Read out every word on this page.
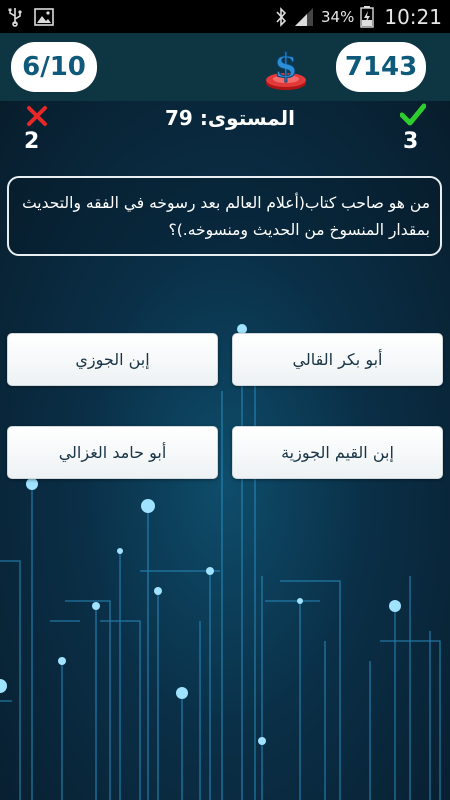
34% 10:21
6/10	$	7143
2
المستوى: 79
3
من هو صاحب كتاب(أعلام العالم بعد رسوخه في الفقه والتحديث بمقدار المنسوخ من الحديث ومنسوخه.)؟
أبو بكر القالي
إبن الجوزي
إبن القيم الجوزية
أبو حامد الغزالي
